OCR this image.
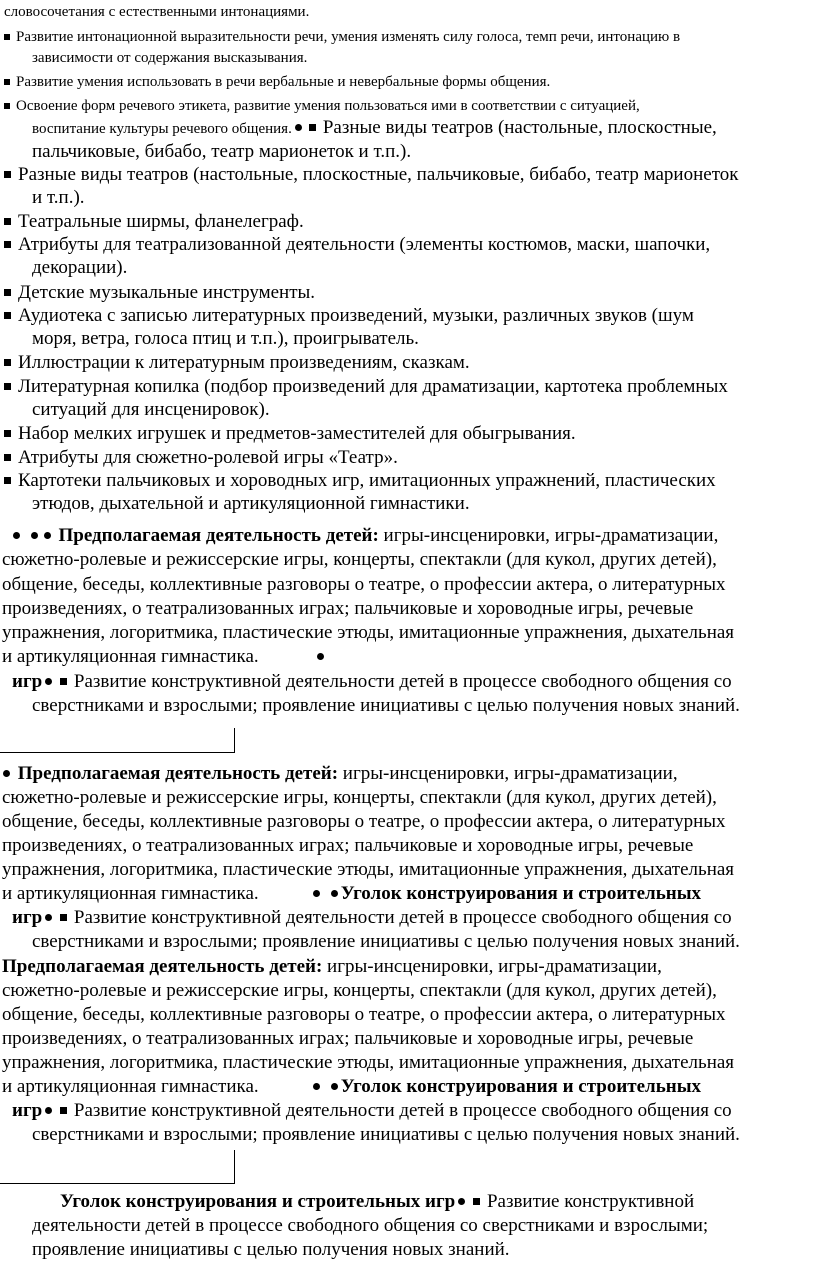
словосочетания с естественными интонациями.
Развитие интонационной выразительности речи, умения изменять силу голоса, темп речи, интонацию в
зависимости от содержания высказывания.
Развитие умения использовать в речи вербальные и невербальные формы общения.
Освоение форм речевого этикета, развитие умения пользоваться ими в соответствии с ситуацией,
воспитание культуры речевого общения. Разные виды театров (настольные, плоскостные,
пальчиковые, бибабо, театр марионеток и т.п.).
Разные виды театров (настольные, плоскостные, пальчиковые, бибабо, театр марионеток
и т.п.).
Театральные ширмы, фланелеграф.
Атрибуты для театрализованной деятельности (элементы костюмов, маски, шапочки,
декорации).
Детские музыкальные инструменты.
Аудиотека с записью литературных произведений, музыки, различных звуков (шум
моря, ветра, голоса птиц и т.п.), проигрыватель.
Иллюстрации к литературным произведениям, сказкам.
Литературная копилка (подбор произведений для драматизации, картотека проблемных
ситуаций для инсценировок).
Набор мелких игрушек и предметов-заместителей для обыгрывания.
Атрибуты для сюжетно-ролевой игры «Театр».
Картотеки пальчиковых и хороводных игр, имитационных упражнений, пластических
этюдов, дыхательной и артикуляционной гимнастики.
Предполагаемая деятельность детей: игры-инсценировки, игры-драматизации,
сюжетно-ролевые и режиссерские игры, концерты, спектакли (для кукол, других детей),
общение, беседы, коллективные разговоры о театре, о профессии актера, о литературных
произведениях, о театрализованных играх; пальчиковые и хороводные игры, речевые
упражнения, логоритмика, пластические этюды, имитационные упражнения, дыхательная
и артикуляционная гимнастика.
игр Развитие конструктивной деятельности детей в процессе свободного общения со
сверстниками и взрослыми; проявление инициативы с целью получения новых знаний.
Предполагаемая деятельность детей: игры-инсценировки, игры-драматизации,
сюжетно-ролевые и режиссерские игры, концерты, спектакли (для кукол, других детей),
общение, беседы, коллективные разговоры о театре, о профессии актера, о литературных
произведениях, о театрализованных играх; пальчиковые и хороводные игры, речевые
упражнения, логоритмика, пластические этюды, имитационные упражнения, дыхательная
и артикуляционная гимнастика.	Уголок конструирования и строительных
игр Развитие конструктивной деятельности детей в процессе свободного общения со
сверстниками и взрослыми; проявление инициативы с целью получения новых знаний.
Предполагаемая деятельность детей: игры-инсценировки, игры-драматизации,
сюжетно-ролевые и режиссерские игры, концерты, спектакли (для кукол, других детей),
общение, беседы, коллективные разговоры о театре, о профессии актера, о литературных
произведениях, о театрализованных играх; пальчиковые и хороводные игры, речевые
упражнения, логоритмика, пластические этюды, имитационные упражнения, дыхательная
и артикуляционная гимнастика.	Уголок конструирования и строительных
игр Развитие конструктивной деятельности детей в процессе свободного общения со
сверстниками и взрослыми; проявление инициативы с целью получения новых знаний.
Уголок конструирования и строительных игр Развитие конструктивной
деятельности детей в процессе свободного общения со сверстниками и взрослыми;
проявление инициативы с целью получения новых знаний.
